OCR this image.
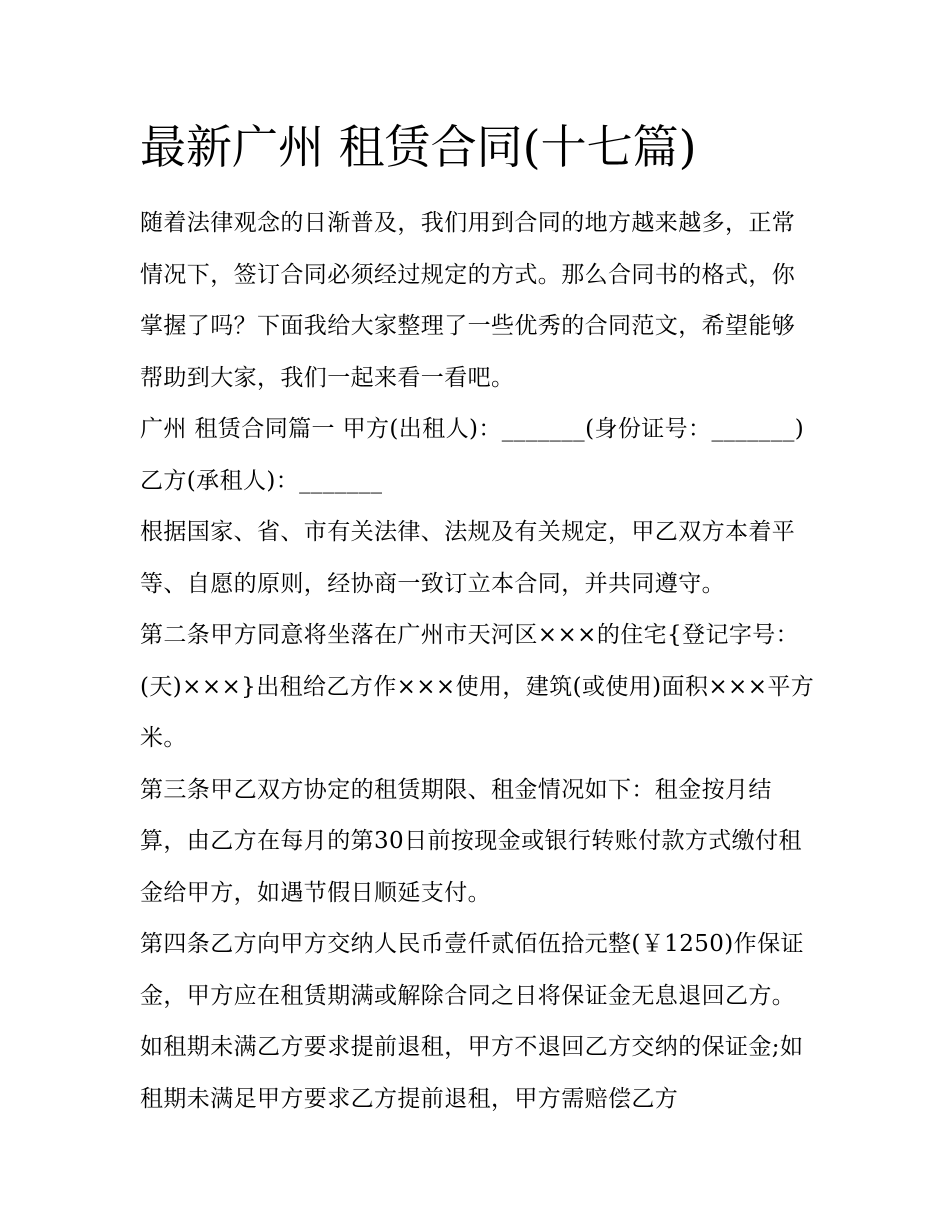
最新广州 租赁合同(十七篇)

随着法律观念的日渐普及，我们用到合同的地方越来越多，正常情况下，签订合同必须经过规定的方式。那么合同书的格式，你掌握了吗？下面我给大家整理了一些优秀的合同范文，希望能够帮助到大家，我们一起来看一看吧。

广州 租赁合同篇一 甲方(出租人)：_______(身份证号：_______) 乙方(承租人)：_______

根据国家、省、市有关法律、法规及有关规定，甲乙双方本着平等、自愿的原则，经协商一致订立本合同，并共同遵守。

第二条甲方同意将坐落在广州市天河区×××的住宅{登记字号：(天)×××}出租给乙方作×××使用，建筑(或使用)面积×××平方米。

第三条甲乙双方协定的租赁期限、租金情况如下：租金按月结算，由乙方在每月的第30日前按现金或银行转账付款方式缴付租金给甲方，如遇节假日顺延支付。

第四条乙方向甲方交纳人民币壹仟贰佰伍拾元整(￥1250)作保证金，甲方应在租赁期满或解除合同之日将保证金无息退回乙方。如租期未满乙方要求提前退租，甲方不退回乙方交纳的保证金;如租期未满足甲方要求乙方提前退租，甲方需赔偿乙方
